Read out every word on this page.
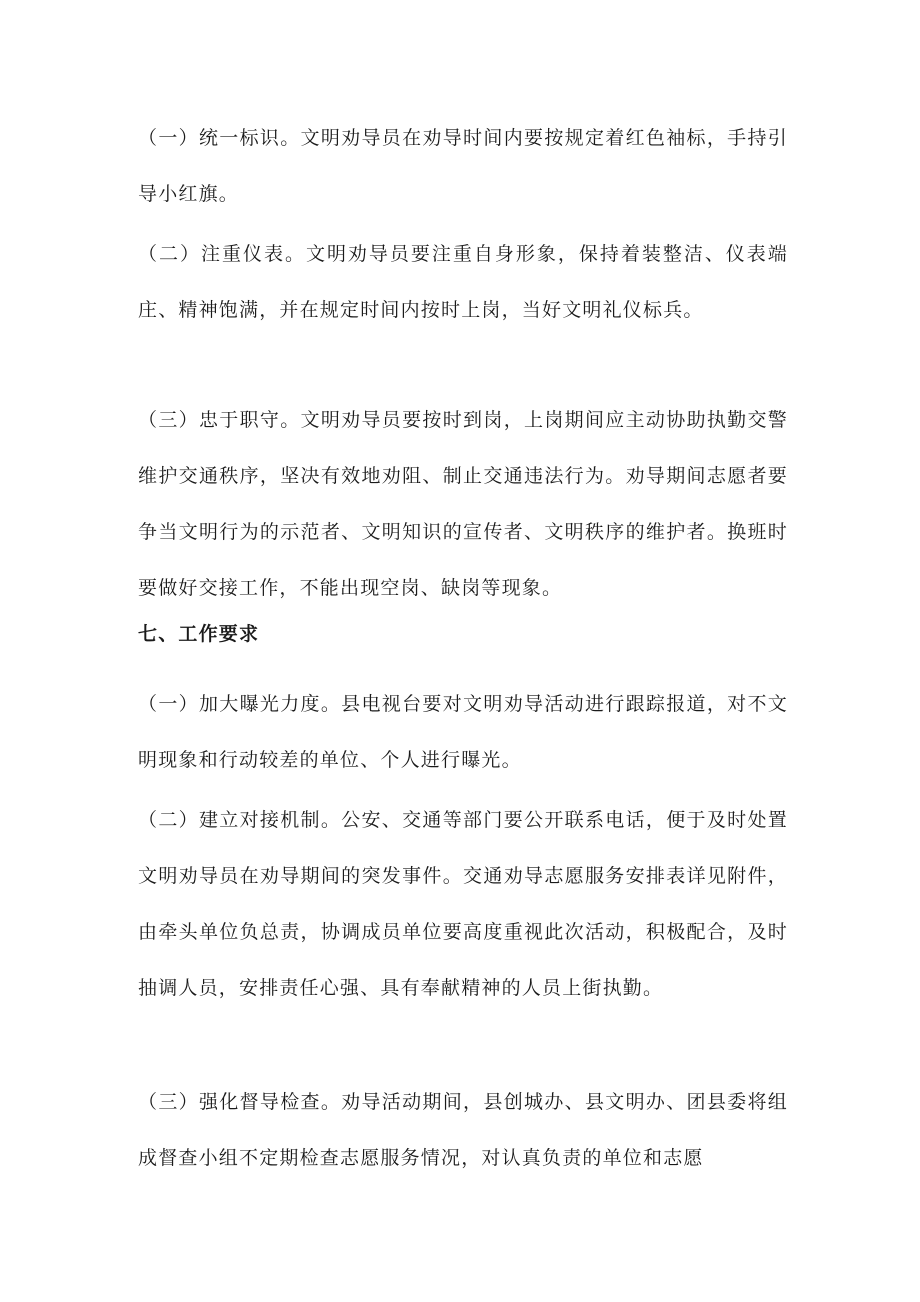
（一）统一标识。文明劝导员在劝导时间内要按规定着红色袖标，手持引导小红旗。

（二）注重仪表。文明劝导员要注重自身形象，保持着装整洁、仪表端庄、精神饱满，并在规定时间内按时上岗，当好文明礼仪标兵。

（三）忠于职守。文明劝导员要按时到岗，上岗期间应主动协助执勤交警维护交通秩序，坚决有效地劝阻、制止交通违法行为。劝导期间志愿者要争当文明行为的示范者、文明知识的宣传者、文明秩序的维护者。换班时要做好交接工作，不能出现空岗、缺岗等现象。

七、工作要求

（一）加大曝光力度。县电视台要对文明劝导活动进行跟踪报道，对不文明现象和行动较差的单位、个人进行曝光。

（二）建立对接机制。公安、交通等部门要公开联系电话，便于及时处置文明劝导员在劝导期间的突发事件。交通劝导志愿服务安排表详见附件，由牵头单位负总责，协调成员单位要高度重视此次活动，积极配合，及时抽调人员，安排责任心强、具有奉献精神的人员上街执勤。

（三）强化督导检查。劝导活动期间，县创城办、县文明办、团县委将组成督查小组不定期检查志愿服务情况，对认真负责的单位和志愿
